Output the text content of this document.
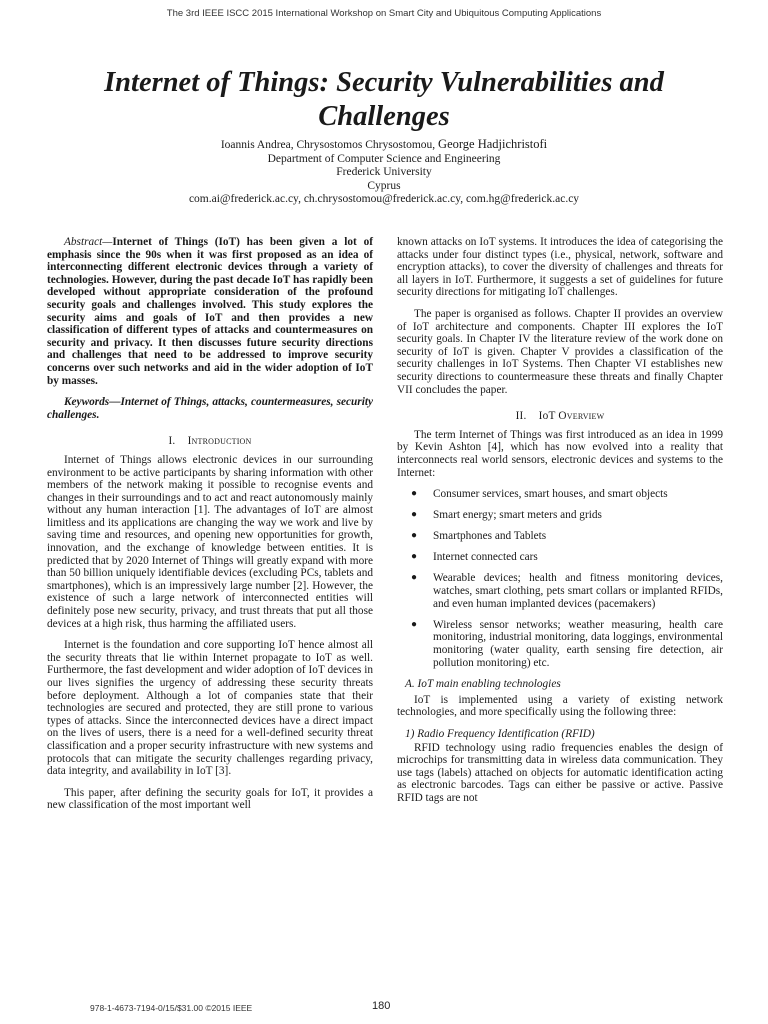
The 3rd IEEE ISCC 2015 International Workshop on Smart City and Ubiquitous Computing Applications
Internet of Things: Security Vulnerabilities and Challenges
Ioannis Andrea, Chrysostomos Chrysostomou, George Hadjichristofi
Department of Computer Science and Engineering
Frederick University
Cyprus
com.ai@frederick.ac.cy, ch.chrysostomou@frederick.ac.cy, com.hg@frederick.ac.cy

Abstract—Internet of Things (IoT) has been given a lot of emphasis since the 90s when it was first proposed as an idea of interconnecting different electronic devices through a variety of technologies. However, during the past decade IoT has rapidly been developed without appropriate consideration of the profound security goals and challenges involved. This study explores the security aims and goals of IoT and then provides a new classification of different types of attacks and countermeasures on security and privacy. It then discusses future security directions and challenges that need to be addressed to improve security concerns over such networks and aid in the wider adoption of IoT by masses.

Keywords—Internet of Things, attacks, countermeasures, security challenges.

I. Introduction

Internet of Things allows electronic devices in our surrounding environment to be active participants by sharing information with other members of the network making it possible to recognise events and changes in their surroundings and to act and react autonomously mainly without any human interaction [1]. The advantages of IoT are almost limitless and its applications are changing the way we work and live by saving time and resources, and opening new opportunities for growth, innovation, and the exchange of knowledge between entities. It is predicted that by 2020 Internet of Things will greatly expand with more than 50 billion uniquely identifiable devices (excluding PCs, tablets and smartphones), which is an impressively large number [2]. However, the existence of such a large network of interconnected entities will definitely pose new security, privacy, and trust threats that put all those devices at a high risk, thus harming the affiliated users.

Internet is the foundation and core supporting IoT hence almost all the security threats that lie within Internet propagate to IoT as well. Furthermore, the fast development and wider adoption of IoT devices in our lives signifies the urgency of addressing these security threats before deployment. Although a lot of companies state that their technologies are secured and protected, they are still prone to various types of attacks. Since the interconnected devices have a direct impact on the lives of users, there is a need for a well-defined security threat classification and a proper security infrastructure with new systems and protocols that can mitigate the security challenges regarding privacy, data integrity, and availability in IoT [3].

This paper, after defining the security goals for IoT, it provides a new classification of the most important well

known attacks on IoT systems. It introduces the idea of categorising the attacks under four distinct types (i.e., physical, network, software and encryption attacks), to cover the diversity of challenges and threats for all layers in IoT. Furthermore, it suggests a set of guidelines for future security directions for mitigating IoT challenges.

The paper is organised as follows. Chapter II provides an overview of IoT architecture and components. Chapter III explores the IoT security goals. In Chapter IV the literature review of the work done on security of IoT is given. Chapter V provides a classification of the security challenges in IoT Systems. Then Chapter VI establishes new security directions to countermeasure these threats and finally Chapter VII concludes the paper.

II. IoT Overview

The term Internet of Things was first introduced as an idea in 1999 by Kevin Ashton [4], which has now evolved into a reality that interconnects real world sensors, electronic devices and systems to the Internet:

● Consumer services, smart houses, and smart objects
● Smart energy; smart meters and grids
● Smartphones and Tablets
● Internet connected cars
● Wearable devices; health and fitness monitoring devices, watches, smart clothing, pets smart collars or implanted RFIDs, and even human implanted devices (pacemakers)
● Wireless sensor networks; weather measuring, health care monitoring, industrial monitoring, data loggings, environmental monitoring (water quality, earth sensing fire detection, air pollution monitoring) etc.
A. IoT main enabling technologies

IoT is implemented using a variety of existing network technologies, and more specifically using the following three:

1) Radio Frequency Identification (RFID)

RFID technology using radio frequencies enables the design of microchips for transmitting data in wireless data communication. They use tags (labels) attached on objects for automatic identification acting as electronic barcodes. Tags can either be passive or active. Passive RFID tags are not

978-1-4673-7194-0/15/$31.00 ©2015 IEEE	180
